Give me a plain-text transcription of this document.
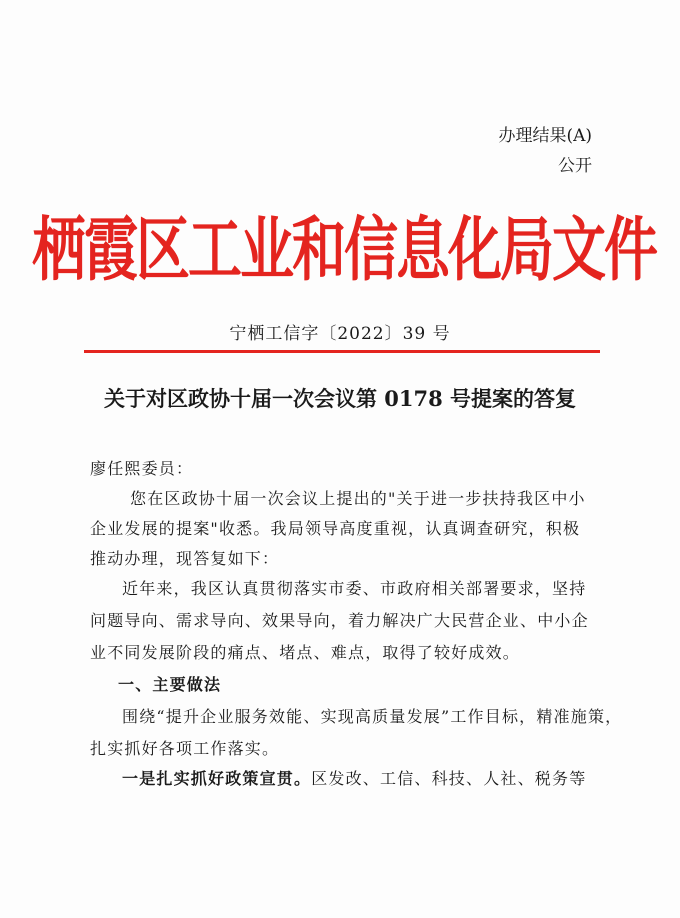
办理结果(A)
公开
栖霞区工业和信息化局文件
宁栖工信字〔2022〕39 号
关于对区政协十届一次会议第 0178 号提案的答复
廖任熙委员：
您在区政协十届一次会议上提出的"关于进一步扶持我区中小
企业发展的提案"收悉。我局领导高度重视，认真调查研究，积极
推动办理，现答复如下：
近年来，我区认真贯彻落实市委、市政府相关部署要求，坚持
问题导向、需求导向、效果导向，着力解决广大民营企业、中小企
业不同发展阶段的痛点、堵点、难点，取得了较好成效。
一、主要做法
围绕“提升企业服务效能、实现高质量发展”工作目标，精准施策，
扎实抓好各项工作落实。
一是扎实抓好政策宣贯。区发改、工信、科技、人社、税务等
